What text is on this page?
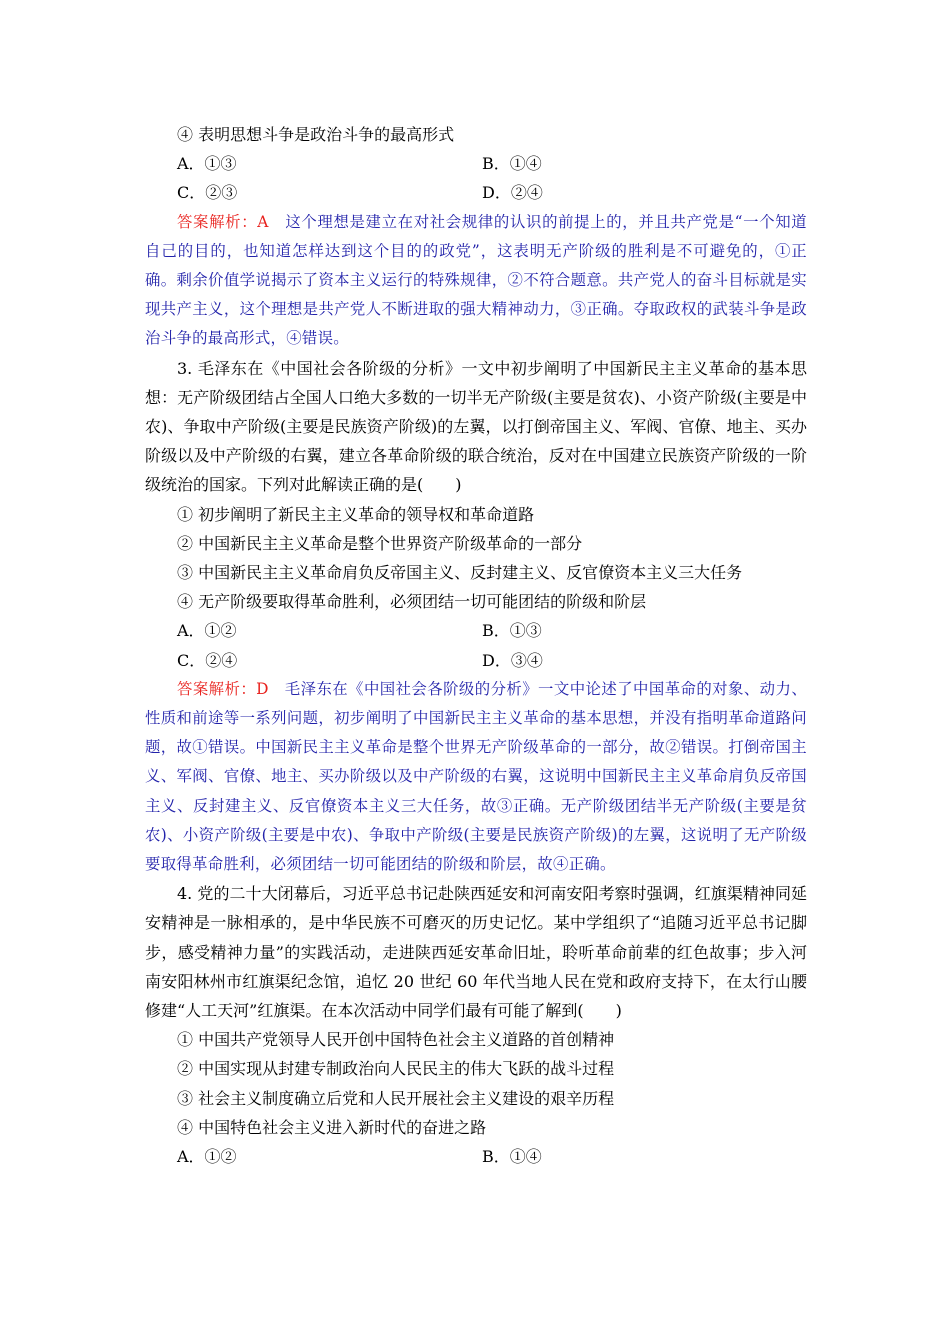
④ 表明思想斗争是政治斗争的最高形式
A．①③	B．①④
C．②③	D．②④

答案解析：A 这个理想是建立在对社会规律的认识的前提上的，并且共产党是“一个知道自己的目的，也知道怎样达到这个目的的政党”，这表明无产阶级的胜利是不可避免的，①正确。剩余价值学说揭示了资本主义运行的特殊规律，②不符合题意。共产党人的奋斗目标就是实现共产主义，这个理想是共产党人不断进取的强大精神动力，③正确。夺取政权的武装斗争是政治斗争的最高形式，④错误。

3. 毛泽东在《中国社会各阶级的分析》一文中初步阐明了中国新民主主义革命的基本思想：无产阶级团结占全国人口绝大多数的一切半无产阶级(主要是贫农)、小资产阶级(主要是中农)、争取中产阶级(主要是民族资产阶级)的左翼，以打倒帝国主义、军阀、官僚、地主、买办阶级以及中产阶级的右翼，建立各革命阶级的联合统治，反对在中国建立民族资产阶级的一阶级统治的国家。下列对此解读正确的是(　　)

① 初步阐明了新民主主义革命的领导权和革命道路
② 中国新民主主义革命是整个世界资产阶级革命的一部分
③ 中国新民主主义革命肩负反帝国主义、反封建主义、反官僚资本主义三大任务
④ 无产阶级要取得革命胜利，必须团结一切可能团结的阶级和阶层
A．①②	B．①③
C．②④	D．③④

答案解析：D 毛泽东在《中国社会各阶级的分析》一文中论述了中国革命的对象、动力、性质和前途等一系列问题，初步阐明了中国新民主主义革命的基本思想，并没有指明革命道路问题，故①错误。中国新民主主义革命是整个世界无产阶级革命的一部分，故②错误。打倒帝国主义、军阀、官僚、地主、买办阶级以及中产阶级的右翼，这说明中国新民主主义革命肩负反帝国主义、反封建主义、反官僚资本主义三大任务，故③正确。无产阶级团结半无产阶级(主要是贫农)、小资产阶级(主要是中农)、争取中产阶级(主要是民族资产阶级)的左翼，这说明了无产阶级要取得革命胜利，必须团结一切可能团结的阶级和阶层，故④正确。

4. 党的二十大闭幕后，习近平总书记赴陕西延安和河南安阳考察时强调，红旗渠精神同延安精神是一脉相承的，是中华民族不可磨灭的历史记忆。某中学组织了“追随习近平总书记脚步，感受精神力量”的实践活动，走进陕西延安革命旧址，聆听革命前辈的红色故事；步入河南安阳林州市红旗渠纪念馆，追忆 20 世纪 60 年代当地人民在党和政府支持下，在太行山腰修建“人工天河”红旗渠。在本次活动中同学们最有可能了解到(　　)

① 中国共产党领导人民开创中国特色社会主义道路的首创精神
② 中国实现从封建专制政治向人民民主的伟大飞跃的战斗过程
③ 社会主义制度确立后党和人民开展社会主义建设的艰辛历程
④ 中国特色社会主义进入新时代的奋进之路
A．①②	B．①④
